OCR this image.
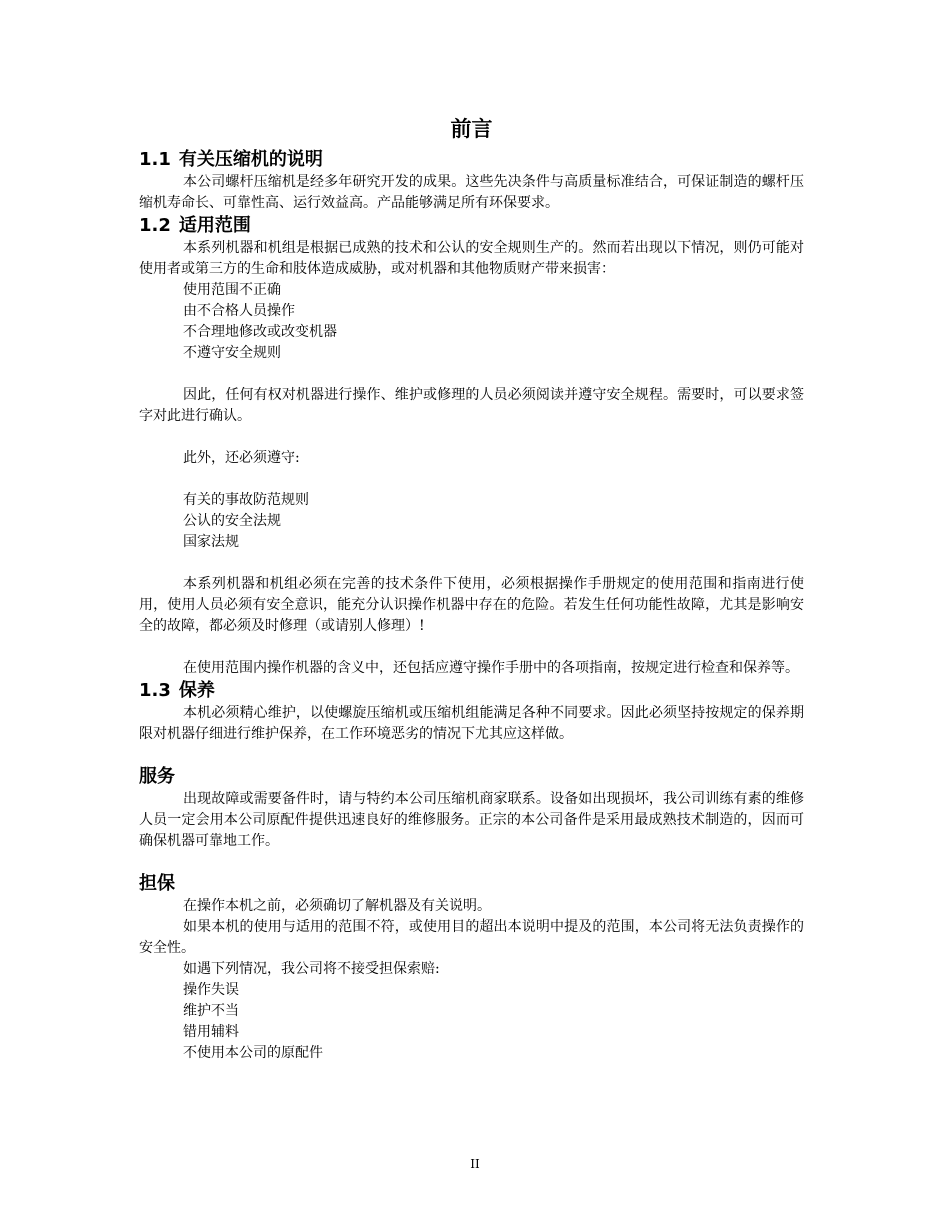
前言
1.1 有关压缩机的说明

本公司螺杆压缩机是经多年研究开发的成果。这些先决条件与高质量标准结合，可保证制造的螺杆压缩机寿命长、可靠性高、运行效益高。产品能够满足所有环保要求。

1.2 适用范围

本系列机器和机组是根据已成熟的技术和公认的安全规则生产的。然而若出现以下情况，则仍可能对使用者或第三方的生命和肢体造成威胁，或对机器和其他物质财产带来损害：

使用范围不正确
由不合格人员操作
不合理地修改或改变机器
不遵守安全规则

因此，任何有权对机器进行操作、维护或修理的人员必须阅读并遵守安全规程。需要时，可以要求签字对此进行确认。

此外，还必须遵守:

有关的事故防范规则
公认的安全法规
国家法规

本系列机器和机组必须在完善的技术条件下使用，必须根据操作手册规定的使用范围和指南进行使用，使用人员必须有安全意识，能充分认识操作机器中存在的危险。若发生任何功能性故障，尤其是影响安全的故障，都必须及时修理（或请别人修理）!

在使用范围内操作机器的含义中，还包括应遵守操作手册中的各项指南，按规定进行检查和保养等。

1.3 保养

本机必须精心维护，以使螺旋压缩机或压缩机组能满足各种不同要求。因此必须坚持按规定的保养期限对机器仔细进行维护保养，在工作环境恶劣的情况下尤其应这样做。

服务

出现故障或需要备件时，请与特约本公司压缩机商家联系。设备如出现损坏，我公司训练有素的维修人员一定会用本公司原配件提供迅速良好的维修服务。正宗的本公司备件是采用最成熟技术制造的，因而可确保机器可靠地工作。

担保

在操作本机之前，必须确切了解机器及有关说明。

如果本机的使用与适用的范围不符，或使用目的超出本说明中提及的范围，本公司将无法负责操作的安全性。

如遇下列情况，我公司将不接受担保索赔:

操作失误
维护不当
错用辅料
不使用本公司的原配件
II
